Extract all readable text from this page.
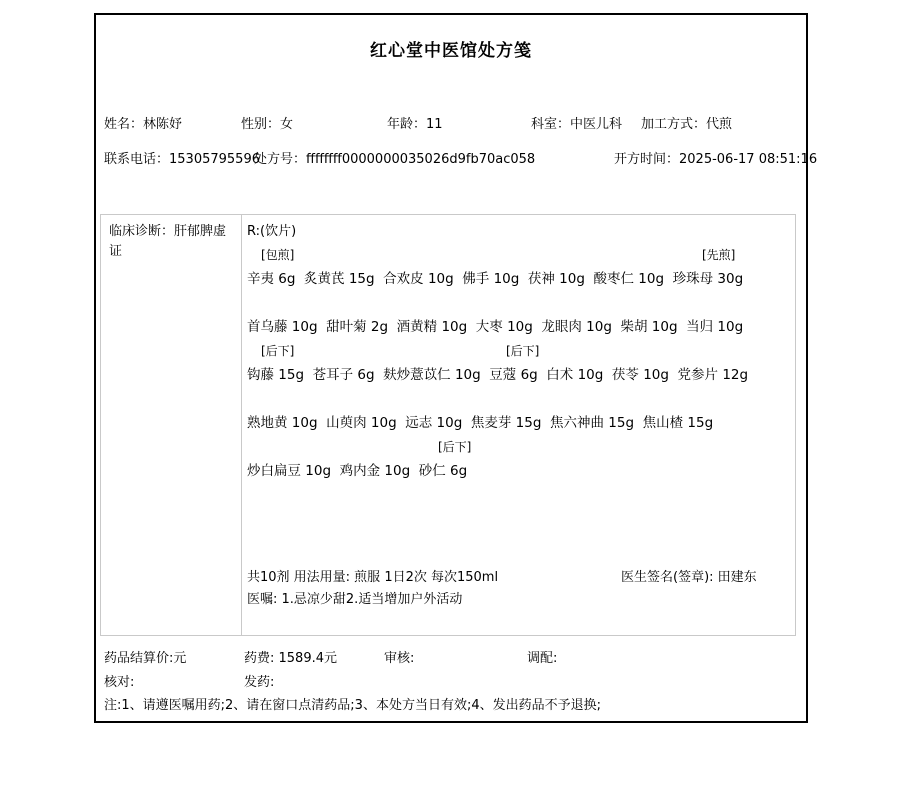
红心堂中医馆处方笺
姓名：林陈妤	性别：女	年龄：11	科室：中医儿科 加工方式：代煎
联系电话：15305795596
处方号：ffffffff0000000035026d9fb70ac058	开方时间：2025-06-17 08:51:16
临床诊断：肝郁脾虚证
R:(饮片)
[包煎]	[先煎]
辛夷 6g  炙黄芪 15g  合欢皮 10g  佛手 10g  茯神 10g  酸枣仁 10g  珍珠母 30g
首乌藤 10g  甜叶菊 2g  酒黄精 10g  大枣 10g  龙眼肉 10g  柴胡 10g  当归 10g
[后下]	[后下]
钩藤 15g  苍耳子 6g  麸炒薏苡仁 10g  豆蔻 6g  白术 10g  茯苓 10g  党参片 12g
熟地黄 10g  山萸肉 10g  远志 10g  焦麦芽 15g  焦六神曲 15g  焦山楂 15g
[后下]
炒白扁豆 10g  鸡内金 10g  砂仁 6g
共10剂 用法用量: 煎服 1日2次 每次150ml	医生签名(签章): 田建东
医嘱: 1.忌凉少甜2.适当增加户外活动
药品结算价:元	药费: 1589.4元	审核:	调配:
核对:	发药:
注:1、请遵医嘱用药;2、请在窗口点清药品;3、本处方当日有效;4、发出药品不予退换;
